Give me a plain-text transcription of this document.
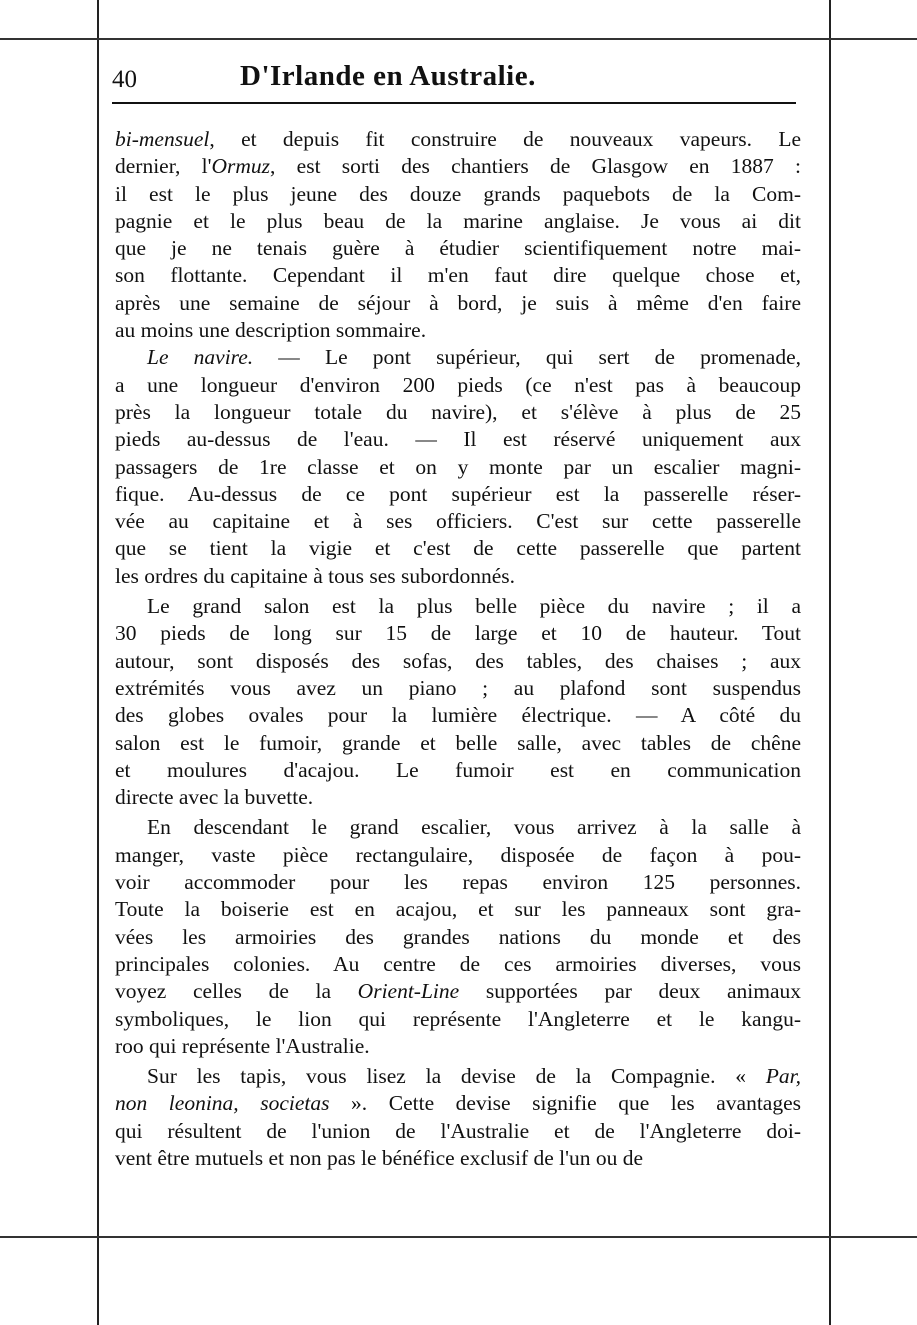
40	D'Irlande en Australie.
bi-mensuel, et depuis fit construire de nouveaux vapeurs. Le
dernier, l'Ormuz, est sorti des chantiers de Glasgow en 1887 :
il est le plus jeune des douze grands paquebots de la Com-
pagnie et le plus beau de la marine anglaise. Je vous ai dit
que je ne tenais guère à étudier scientifiquement notre mai-
son flottante. Cependant il m'en faut dire quelque chose et,
après une semaine de séjour à bord, je suis à même d'en faire
au moins une description sommaire.
Le navire. — Le pont supérieur, qui sert de promenade,
a une longueur d'environ 200 pieds (ce n'est pas à beaucoup
près la longueur totale du navire), et s'élève à plus de 25
pieds au-dessus de l'eau. — Il est réservé uniquement aux
passagers de 1re classe et on y monte par un escalier magni-
fique. Au-dessus de ce pont supérieur est la passerelle réser-
vée au capitaine et à ses officiers. C'est sur cette passerelle
que se tient la vigie et c'est de cette passerelle que partent
les ordres du capitaine à tous ses subordonnés.
Le grand salon est la plus belle pièce du navire ; il a
30 pieds de long sur 15 de large et 10 de hauteur. Tout
autour, sont disposés des sofas, des tables, des chaises ; aux
extrémités vous avez un piano ; au plafond sont suspendus
des globes ovales pour la lumière électrique. — A côté du
salon est le fumoir, grande et belle salle, avec tables de chêne
et moulures d'acajou. Le fumoir est en communication
directe avec la buvette.
En descendant le grand escalier, vous arrivez à la salle à
manger, vaste pièce rectangulaire, disposée de façon à pou-
voir accommoder pour les repas environ 125 personnes.
Toute la boiserie est en acajou, et sur les panneaux sont gra-
vées les armoiries des grandes nations du monde et des
principales colonies. Au centre de ces armoiries diverses, vous
voyez celles de la Orient-Line supportées par deux animaux
symboliques, le lion qui représente l'Angleterre et le kangu-
roo qui représente l'Australie.
Sur les tapis, vous lisez la devise de la Compagnie. « Par,
non leonina, societas ». Cette devise signifie que les avantages
qui résultent de l'union de l'Australie et de l'Angleterre doi-
vent être mutuels et non pas le bénéfice exclusif de l'un ou de
